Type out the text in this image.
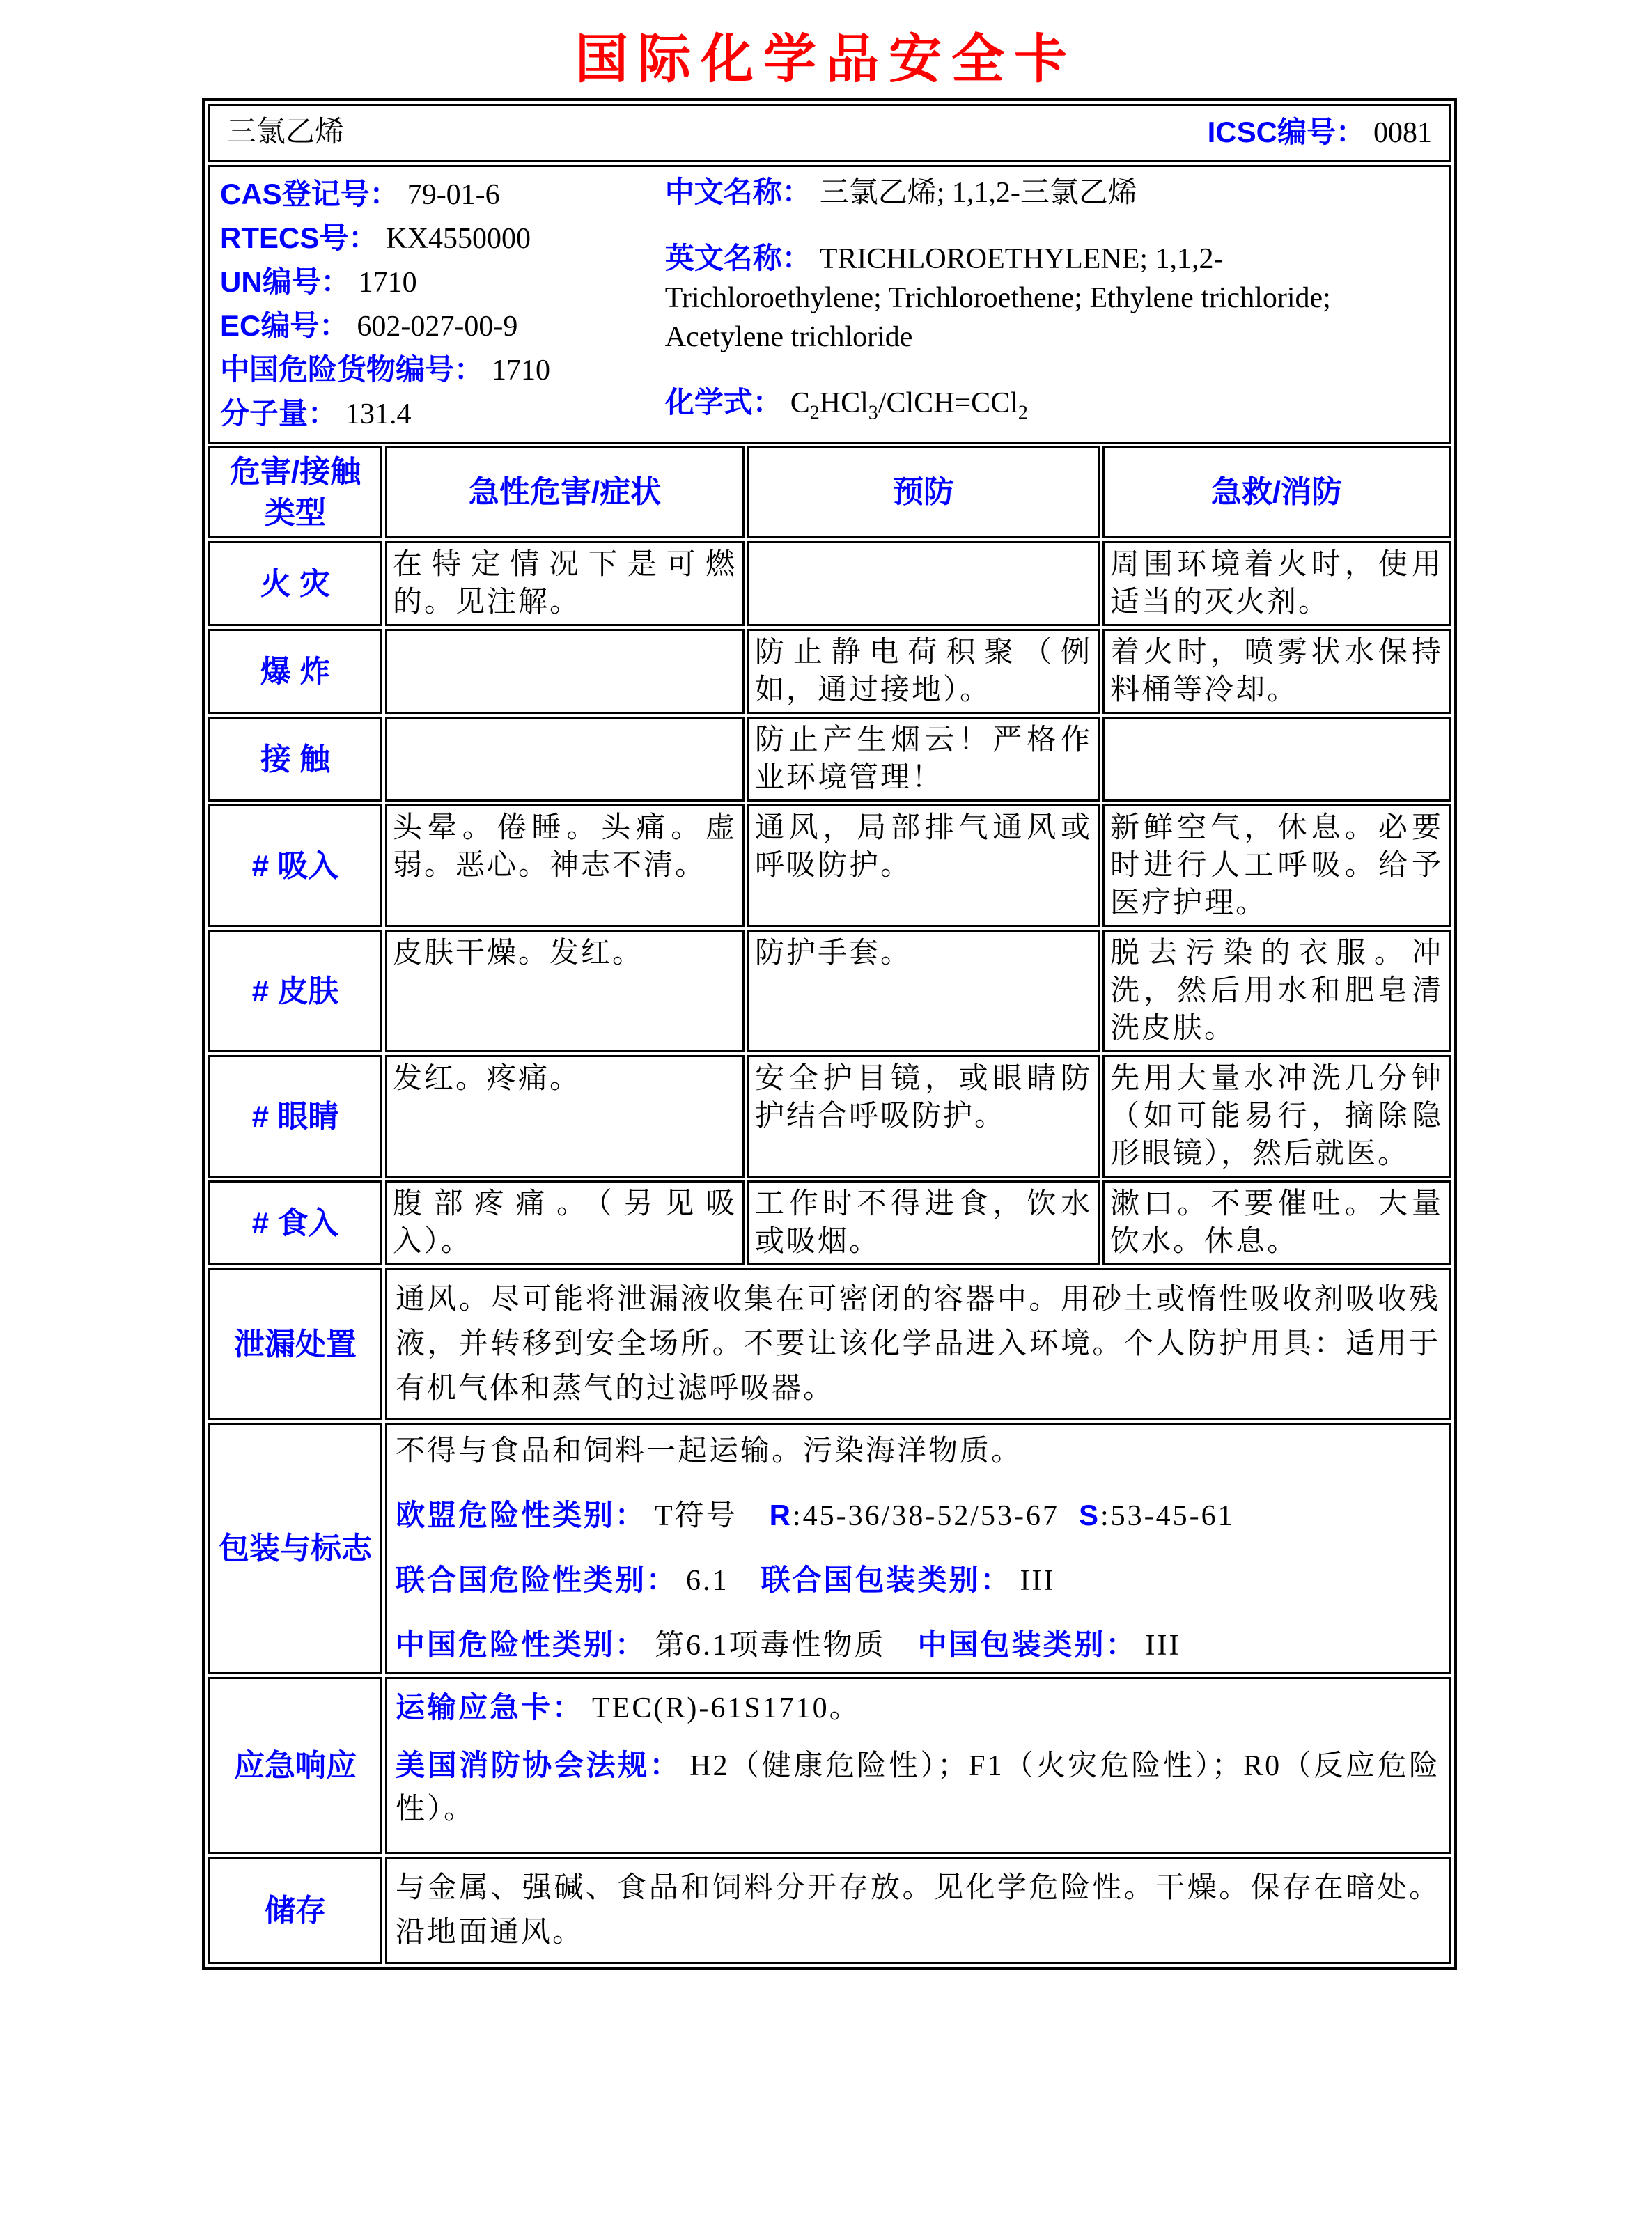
国际化学品安全卡
三氯乙烯 ICSC编号： 0081			

CAS登记号： 79-01-6
RTECS号： KX4550000
UN编号： 1710
EC编号： 602-027-00-9
中国危险货物编号： 1710
分子量： 131.4

中文名称： 三氯乙烯; 1,1,2-三氯乙烯

英文名称： TRICHLOROETHYLENE; 1,1,2-Trichloroethylene; Trichloroethene; Ethylene trichloride; Acetylene trichloride

化学式： $C_2HCl_3/ClCH=CCl_2$

危害/接触类型	急性危害/症状	预防	急救/消防
火 灾	在特定情况下是可燃的。见注解。		周围环境着火时，使用适当的灭火剂。
爆 炸		防止静电荷积聚（例如，通过接地）。	着火时，喷雾状水保持料桶等冷却。
接 触		防止产生烟云！严格作业环境管理！	
# 吸入	头晕。倦睡。头痛。虚弱。恶心。神志不清。	通风，局部排气通风或呼吸防护。	新鲜空气，休息。必要时进行人工呼吸。给予医疗护理。
# 皮肤	皮肤干燥。发红。	防护手套。	脱去污染的衣服。冲洗，然后用水和肥皂清洗皮肤。
# 眼睛	发红。疼痛。	安全护目镜，或眼睛防护结合呼吸防护。	先用大量水冲洗几分钟（如可能易行，摘除隐形眼镜），然后就医。
# 食入	腹部疼痛。（另见吸入）。	工作时不得进食，饮水或吸烟。	漱口。不要催吐。大量饮水。休息。
泄漏处置	通风。尽可能将泄漏液收集在可密闭的容器中。用砂土或惰性吸收剂吸收残液，并转移到安全场所。不要让该化学品进入环境。个人防护用具：适用于有机气体和蒸气的过滤呼吸器。		
包装与标志	不得与食品和饲料一起运输。污染海洋物质。

欧盟危险性类别： T符号 R:45-36/38-52/53-67 S:53-45-61

联合国危险性类别： 6.1 联合国包装类别： III

中国危险性类别： 第6.1项毒性物质 中国包装类别： III		

应急响应	运输应急卡： TEC(R)-61S1710。

美国消防协会法规： H2（健康危险性）；F1（火灾危险性）；R0（反应危险性）。		

储存	与金属、强碱、食品和饲料分开存放。见化学危险性。干燥。保存在暗处。沿地面通风。		
